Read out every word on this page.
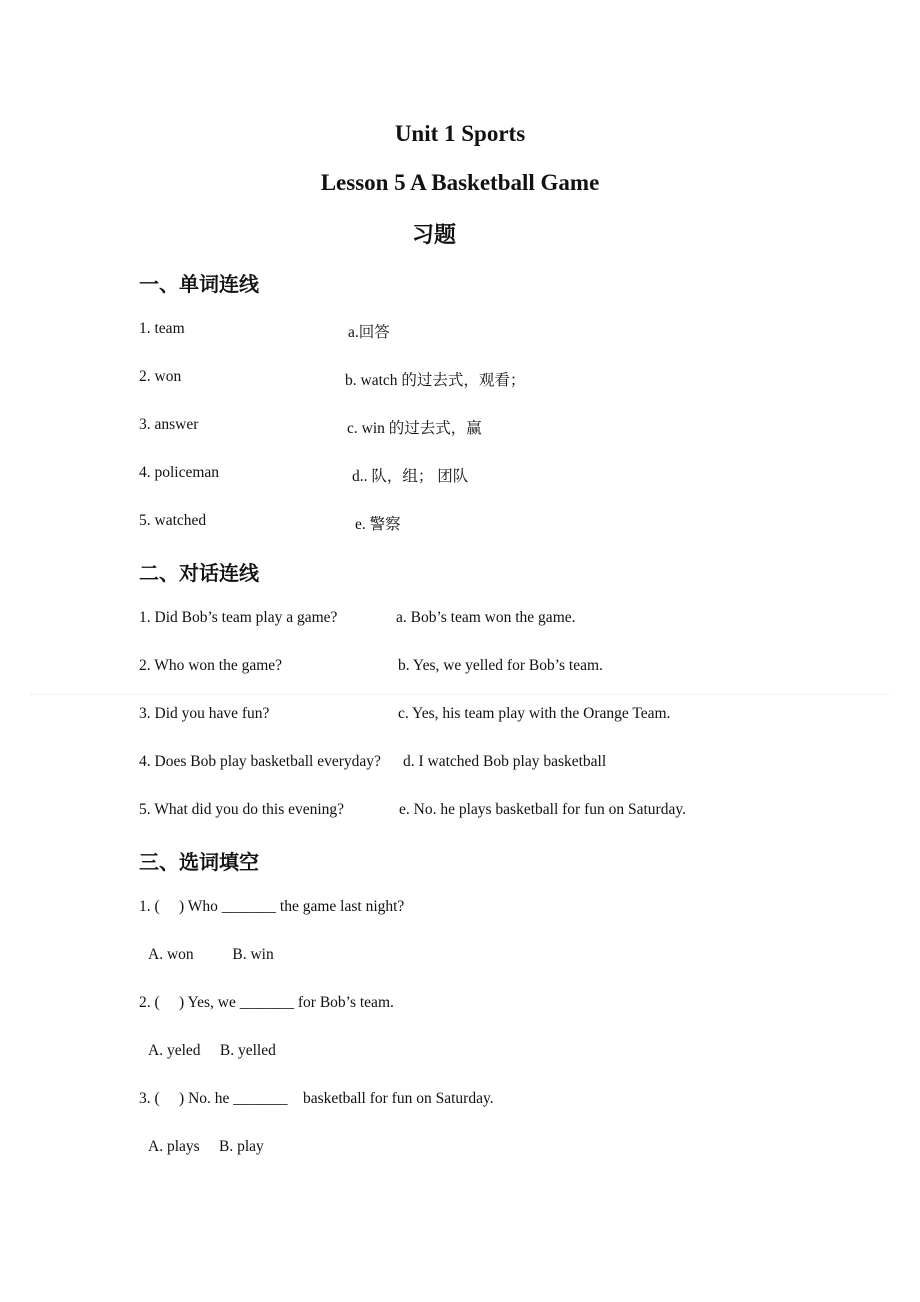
Unit 1 Sports
Lesson 5 A Basketball Game
习题
一、单词连线
1. team
2. won
3. answer
4. policeman
5. watched
a.回答
b. watch 的过去式，观看；
c. win 的过去式，赢
d.. 队，组； 团队
e. 警察
二、对话连线
1. Did Bob’s team play a game?
2. Who won the game?
3. Did you have fun?
4. Does Bob play basketball everyday?
5. What did you do this evening?
a. Bob’s team won the game.
b. Yes, we yelled for Bob’s team.
c. Yes, his team play with the Orange Team.
d. I watched Bob play basketball
e. No. he plays basketball for fun on Saturday.
三、选词填空
1. (     ) Who _______ the game last night?
A. won          B. win
2. (     ) Yes, we _______ for Bob’s team.
A. yeled     B. yelled
3. (     ) No. he _______    basketball for fun on Saturday.
A. plays     B. play
